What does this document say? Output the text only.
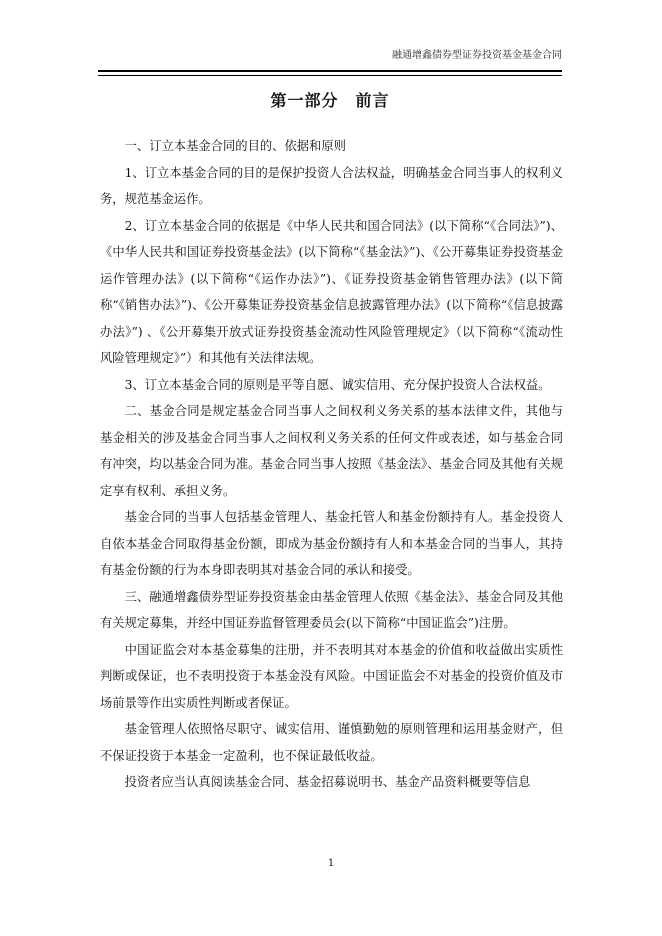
融通增鑫债券型证券投资基金基金合同
第一部分　前言

一、订立本基金合同的目的、依据和原则

1、订立本基金合同的目的是保护投资人合法权益，明确基金合同当事人的权利义务，规范基金运作。

2、订立本基金合同的依据是《中华人民共和国合同法》(以下简称“《合同法》”)、《中华人民共和国证券投资基金法》(以下简称“《基金法》”)、《公开募集证券投资基金运作管理办法》(以下简称“《运作办法》”)、《证券投资基金销售管理办法》(以下简称“《销售办法》”)、《公开募集证券投资基金信息披露管理办法》(以下简称“《信息披露办法》”) 、《公开募集开放式证券投资基金流动性风险管理规定》（以下简称“《流动性风险管理规定》”）和其他有关法律法规。

3、订立本基金合同的原则是平等自愿、诚实信用、充分保护投资人合法权益。

二、基金合同是规定基金合同当事人之间权利义务关系的基本法律文件，其他与基金相关的涉及基金合同当事人之间权利义务关系的任何文件或表述，如与基金合同有冲突，均以基金合同为准。基金合同当事人按照《基金法》、基金合同及其他有关规定享有权利、承担义务。

基金合同的当事人包括基金管理人、基金托管人和基金份额持有人。基金投资人自依本基金合同取得基金份额，即成为基金份额持有人和本基金合同的当事人，其持有基金份额的行为本身即表明其对基金合同的承认和接受。

三、融通增鑫债券型证券投资基金由基金管理人依照《基金法》、基金合同及其他有关规定募集，并经中国证券监督管理委员会(以下简称“中国证监会”)注册。

中国证监会对本基金募集的注册，并不表明其对本基金的价值和收益做出实质性判断或保证，也不表明投资于本基金没有风险。中国证监会不对基金的投资价值及市场前景等作出实质性判断或者保证。

基金管理人依照恪尽职守、诚实信用、谨慎勤勉的原则管理和运用基金财产，但不保证投资于本基金一定盈利，也不保证最低收益。

投资者应当认真阅读基金合同、基金招募说明书、基金产品资料概要等信息

1
